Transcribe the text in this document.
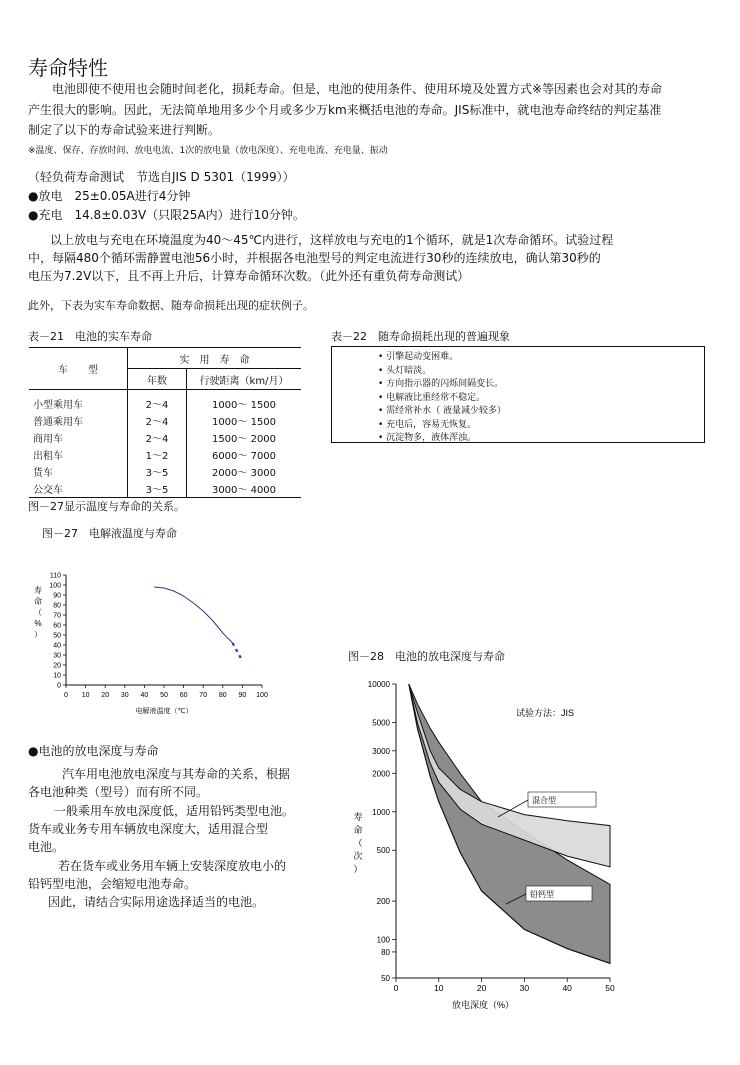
寿命特性
电池即使不使用也会随时间老化，损耗寿命。但是，电池的使用条件、使用环境及处置方式※等因素也会对其的寿命
产生很大的影响。因此，无法简单地用多少个月或多少万km来概括电池的寿命。JIS标准中，就电池寿命终结的判定基准
制定了以下的寿命试验来进行判断。
※温度、保存、存放时间、放电电流、1次的放电量（放电深度）、充电电流、充电量、振动
（轻负荷寿命测试　节选自JIS D 5301（1999））
●放电　25±0.05A进行4分钟
●充电　14.8±0.03V（只限25A内）进行10分钟。
以上放电与充电在环境温度为40～45℃内进行，这样放电与充电的1个循环，就是1次寿命循环。试验过程
中，每隔480个循环需静置电池56小时，并根据各电池型号的判定电流进行30秒的连续放电，确认第30秒的
电压为7.2V以下，且不再上升后，计算寿命循环次数。（此外还有重负荷寿命测试）
此外，下表为实车寿命数据、随寿命损耗出现的症状例子。
表－21　电池的实车寿命
车　　型	实　用　寿　命	
	年数	行驶距离（km/月）
小型乘用车	2～4	1000～ 1500
普通乘用车	2～4	1000～ 1500
商用车	2～4	1500～ 2000
出租车	1～2	6000～ 7000
货车	3～5	2000～ 3000
公交车	3～5	3000～ 4000
表－22　随寿命损耗出现的普遍现象
• 引擎起动变困难。
• 头灯暗淡。
• 方向指示器的闪烁间隔变长。
• 电解液比重经常不稳定。
• 需经常补水（ 液量减少较多）
• 充电后，容易无恢复。
• 沉淀物多，液体浑浊。
图－27显示温度与寿命的关系。
图－27　电解液温度与寿命
0
10
20
30
40
50
60
70
80
90
100
110
0 10 20 30 40 50 60 70 80 90 100
电解液温度（℃）
寿
命
（
%
）
图－28　电池的放电深度与寿命
50
80
100
200
500
1000
2000
3000
5000
10000
0	10	20	30	40	50
放电深度（%）
寿
命
（
次
）
试验方法：JIS
混合型
铅钙型
●电池的放电深度与寿命
汽车用电池放电深度与其寿命的关系，根据
各电池种类（型号）而有所不同。
一般乘用车放电深度低，适用铅钙类型电池。
货车或业务专用车辆放电深度大，适用混合型
电池。
若在货车或业务用车辆上安装深度放电小的
铅钙型电池，会缩短电池寿命。
因此，请结合实际用途选择适当的电池。
